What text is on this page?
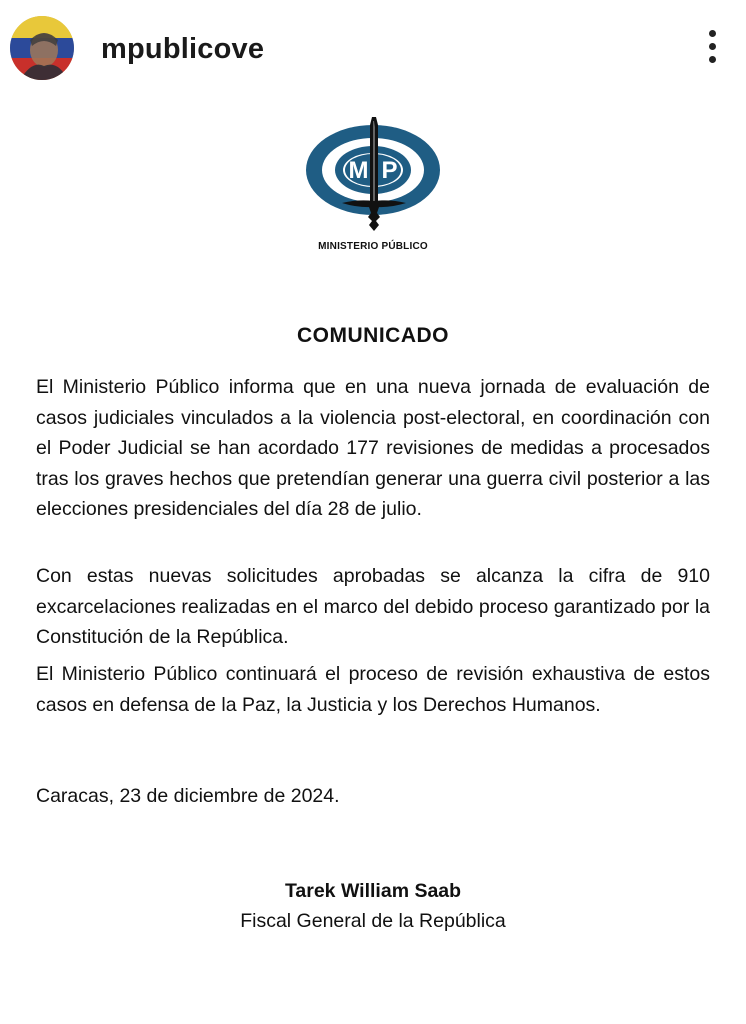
mpublicove
MP
MINISTERIO PÚBLICO
COMUNICADO
El Ministerio Público informa que en una nueva jornada de evaluación de casos judiciales vinculados a la violencia post-electoral, en coordinación con el Poder Judicial se han acordado 177 revisiones de medidas a procesados tras los graves hechos que pretendían generar una guerra civil posterior a las elecciones presidenciales del día 28 de julio.
Con estas nuevas solicitudes aprobadas se alcanza la cifra de 910 excarcelaciones realizadas en el marco del debido proceso garantizado por la Constitución de la República.
El Ministerio Público continuará el proceso de revisión exhaustiva de estos casos en defensa de la Paz, la Justicia y los Derechos Humanos.
Caracas, 23 de diciembre de 2024.
Tarek William Saab
Fiscal General de la República
